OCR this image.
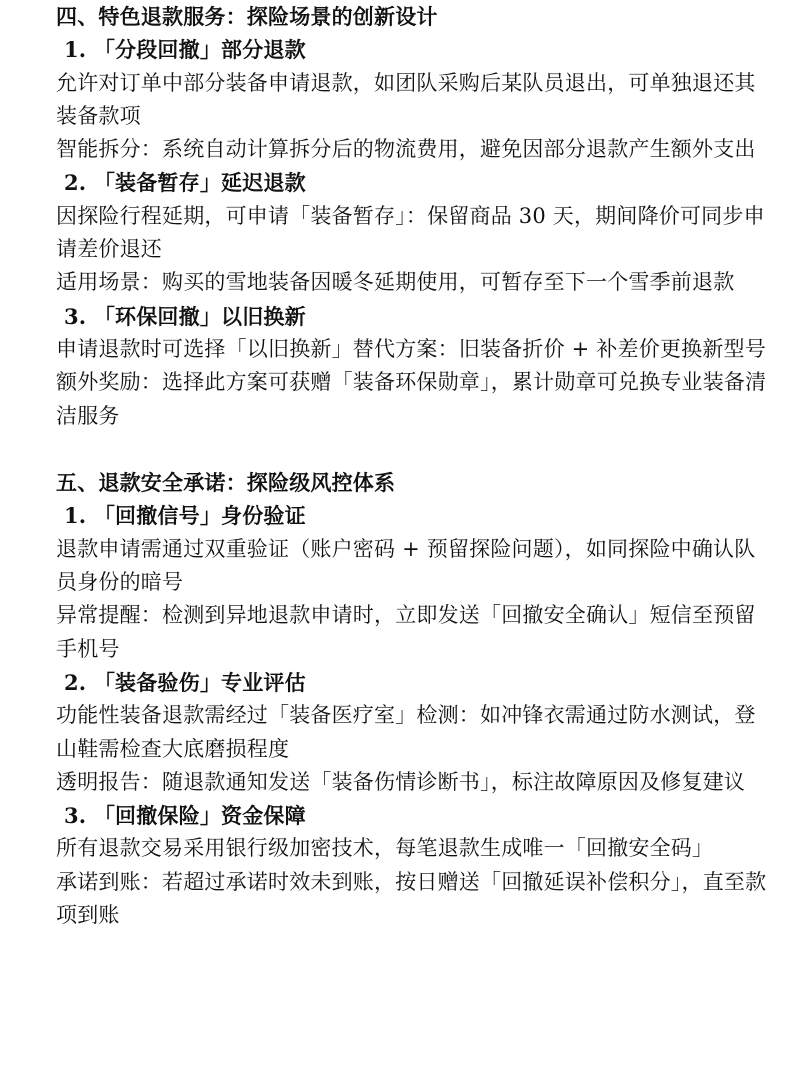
四、特色退款服务：探险场景的创新设计
1. 「分段回撤」部分退款
允许对订单中部分装备申请退款，如团队采购后某队员退出，可单独退还其装备款项
智能拆分：系统自动计算拆分后的物流费用，避免因部分退款产生额外支出
2. 「装备暂存」延迟退款
因探险行程延期，可申请「装备暂存」：保留商品 30 天，期间降价可同步申请差价退还
适用场景：购买的雪地装备因暖冬延期使用，可暂存至下一个雪季前退款
3. 「环保回撤」以旧换新
申请退款时可选择「以旧换新」替代方案：旧装备折价 + 补差价更换新型号
额外奖励：选择此方案可获赠「装备环保勋章」，累计勋章可兑换专业装备清洁服务
五、退款安全承诺：探险级风控体系
1. 「回撤信号」身份验证
退款申请需通过双重验证（账户密码 + 预留探险问题），如同探险中确认队员身份的暗号
异常提醒：检测到异地退款申请时，立即发送「回撤安全确认」短信至预留手机号
2. 「装备验伤」专业评估
功能性装备退款需经过「装备医疗室」检测：如冲锋衣需通过防水测试，登山鞋需检查大底磨损程度
透明报告：随退款通知发送「装备伤情诊断书」，标注故障原因及修复建议
3. 「回撤保险」资金保障
所有退款交易采用银行级加密技术，每笔退款生成唯一「回撤安全码」
承诺到账：若超过承诺时效未到账，按日赠送「回撤延误补偿积分」，直至款项到账
